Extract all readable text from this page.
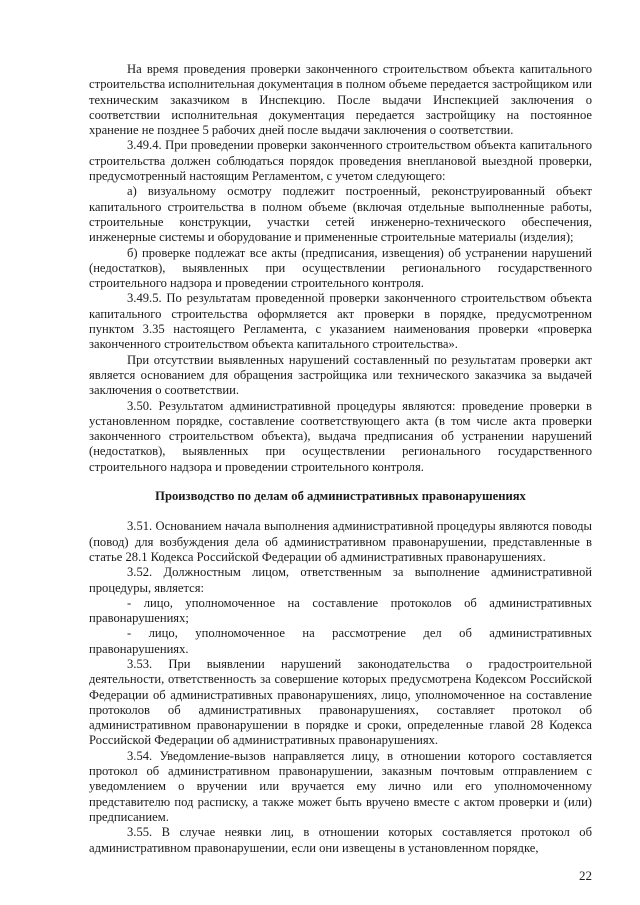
На время проведения проверки законченного строительством объекта капитального строительства исполнительная документация в полном объеме передается застройщиком или техническим заказчиком в Инспекцию. После выдачи Инспекцией заключения о соответствии исполнительная документация передается застройщику на постоянное хранение не позднее 5 рабочих дней после выдачи заключения о соответствии.

3.49.4. При проведении проверки законченного строительством объекта капитального строительства должен соблюдаться порядок проведения внеплановой выездной проверки, предусмотренный настоящим Регламентом, с учетом следующего:

а) визуальному осмотру подлежит построенный, реконструированный объект капитального строительства в полном объеме (включая отдельные выполненные работы, строительные конструкции, участки сетей инженерно-технического обеспечения, инженерные системы и оборудование и примененные строительные материалы (изделия);

б) проверке подлежат все акты (предписания, извещения) об устранении нарушений (недостатков), выявленных при осуществлении регионального государственного строительного надзора и проведении строительного контроля.

3.49.5. По результатам проведенной проверки законченного строительством объекта капитального строительства оформляется акт проверки в порядке, предусмотренном пунктом 3.35 настоящего Регламента, с указанием наименования проверки «проверка законченного строительством объекта капитального строительства».

При отсутствии выявленных нарушений составленный по результатам проверки акт является основанием для обращения застройщика или технического заказчика за выдачей заключения о соответствии.

3.50. Результатом административной процедуры являются: проведение проверки в установленном порядке, составление соответствующего акта (в том числе акта проверки законченного строительством объекта), выдача предписания об устранении нарушений (недостатков), выявленных при осуществлении регионального государственного строительного надзора и проведении строительного контроля.

Производство по делам об административных правонарушениях

3.51. Основанием начала выполнения административной процедуры являются поводы (повод) для возбуждения дела об административном правонарушении, представленные в статье 28.1 Кодекса Российской Федерации об административных правонарушениях.

3.52. Должностным лицом, ответственным за выполнение административной процедуры, является:

- лицо, уполномоченное на составление протоколов об административных правонарушениях;

- лицо, уполномоченное на рассмотрение дел об административных правонарушениях.

3.53. При выявлении нарушений законодательства о градостроительной деятельности, ответственность за совершение которых предусмотрена Кодексом Российской Федерации об административных правонарушениях, лицо, уполномоченное на составление протоколов об административных правонарушениях, составляет протокол об административном правонарушении в порядке и сроки, определенные главой 28 Кодекса Российской Федерации об административных правонарушениях.

3.54. Уведомление-вызов направляется лицу, в отношении которого составляется протокол об административном правонарушении, заказным почтовым отправлением с уведомлением о вручении или вручается ему лично или его уполномоченному представителю под расписку, а также может быть вручено вместе с актом проверки и (или) предписанием.

3.55. В случае неявки лиц, в отношении которых составляется протокол об административном правонарушении, если они извещены в установленном порядке,

22
